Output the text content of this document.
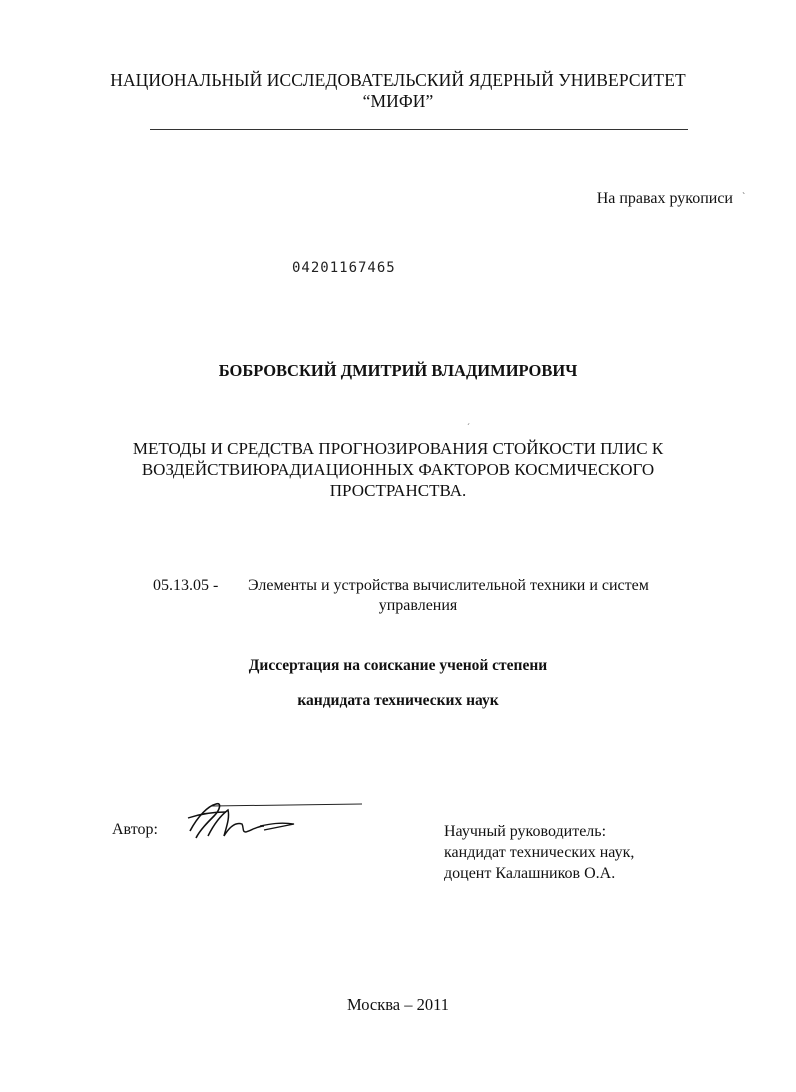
НАЦИОНАЛЬНЫЙ ИССЛЕДОВАТЕЛЬСКИЙ ЯДЕРНЫЙ УНИВЕРСИТЕТ
“МИФИ”
На правах рукописи `
04201167465
БОБРОВСКИЙ ДМИТРИЙ ВЛАДИМИРОВИЧ
´
МЕТОДЫ И СРЕДСТВА ПРОГНОЗИРОВАНИЯ СТОЙКОСТИ ПЛИС К
ВОЗДЕЙСТВИЮРАДИАЦИОННЫХ ФАКТОРОВ КОСМИЧЕСКОГО
ПРОСТРАНСТВА.
05.13.05 - Элементы и устройства вычислительной техники и систем
управления
Диссертация на соискание ученой степени
кандидата технических наук
Автор:	Научный руководитель:
кандидат технических наук,
доцент Калашников О.А.
Москва – 2011
